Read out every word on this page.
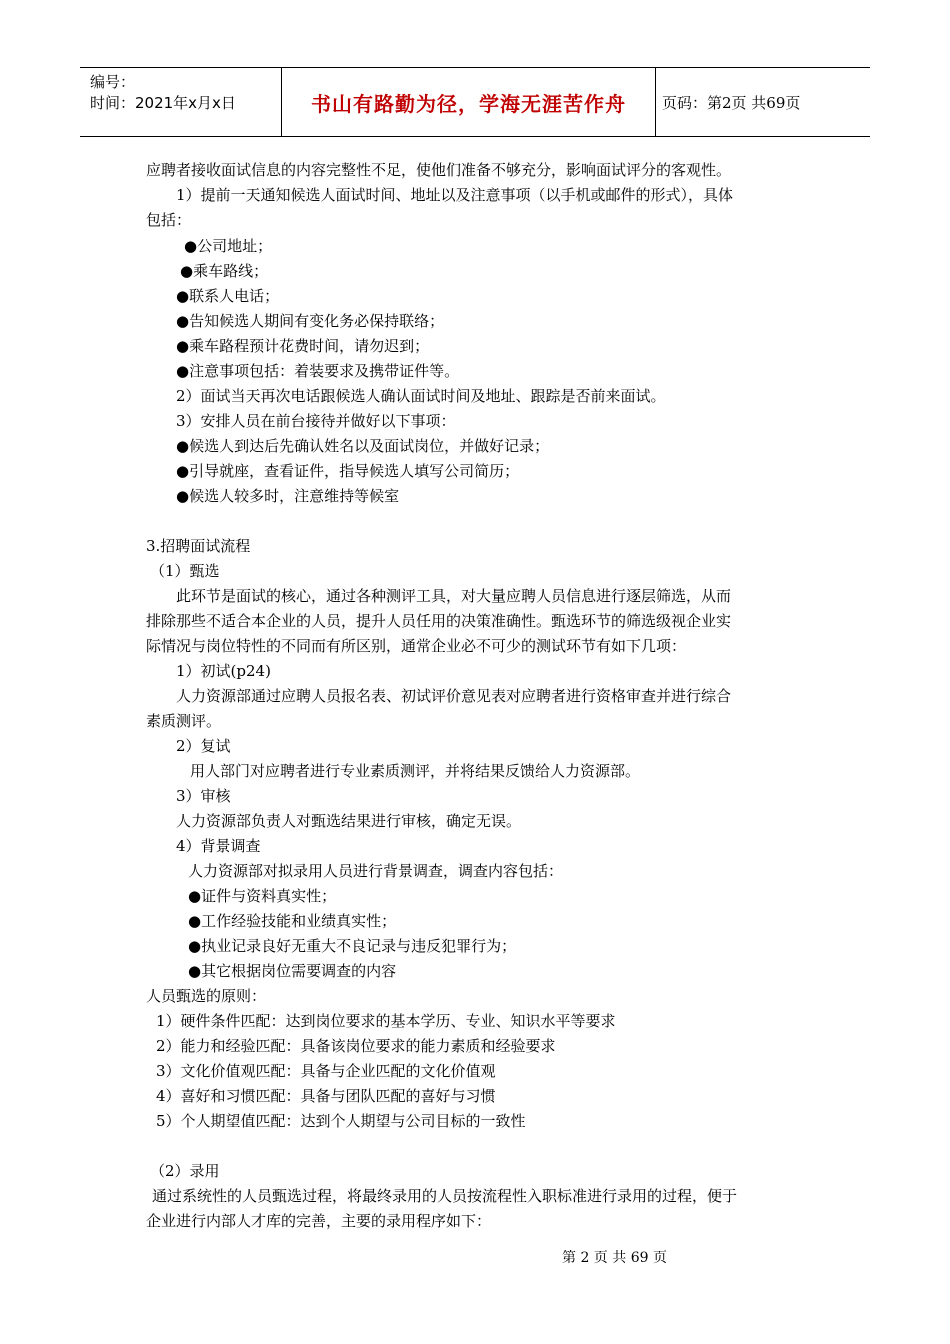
编号：
时间：2021年x月x日	书山有路勤为径，学海无涯苦作舟	页码：第2页 共69页
应聘者接收面试信息的内容完整性不足，使他们准备不够充分，影响面试评分的客观性。
1）提前一天通知候选人面试时间、地址以及注意事项（以手机或邮件的形式），具体
包括：
●公司地址；
●乘车路线；
●联系人电话；
●告知候选人期间有变化务必保持联络；
●乘车路程预计花费时间，请勿迟到；
●注意事项包括：着装要求及携带证件等。
2）面试当天再次电话跟候选人确认面试时间及地址、跟踪是否前来面试。
3）安排人员在前台接待并做好以下事项：
●候选人到达后先确认姓名以及面试岗位，并做好记录；
●引导就座，查看证件，指导候选人填写公司简历；
●候选人较多时，注意维持等候室
3.招聘面试流程
（1）甄选
此环节是面试的核心，通过各种测评工具，对大量应聘人员信息进行逐层筛选，从而
排除那些不适合本企业的人员，提升人员任用的决策准确性。甄选环节的筛选级视企业实
际情况与岗位特性的不同而有所区别，通常企业必不可少的测试环节有如下几项：
1）初试(p24)
人力资源部通过应聘人员报名表、初试评价意见表对应聘者进行资格审查并进行综合
素质测评。
2）复试
用人部门对应聘者进行专业素质测评，并将结果反馈给人力资源部。
3）审核
人力资源部负责人对甄选结果进行审核，确定无误。
4）背景调查
人力资源部对拟录用人员进行背景调查，调查内容包括：
●证件与资料真实性；
●工作经验技能和业绩真实性；
●执业记录良好无重大不良记录与违反犯罪行为；
●其它根据岗位需要调查的内容
人员甄选的原则：
1）硬件条件匹配：达到岗位要求的基本学历、专业、知识水平等要求
2）能力和经验匹配：具备该岗位要求的能力素质和经验要求
3）文化价值观匹配：具备与企业匹配的文化价值观
4）喜好和习惯匹配：具备与团队匹配的喜好与习惯
5）个人期望值匹配：达到个人期望与公司目标的一致性
（2）录用
通过系统性的人员甄选过程，将最终录用的人员按流程性入职标准进行录用的过程，便于
企业进行内部人才库的完善，主要的录用程序如下：
第 2 页 共 69 页
